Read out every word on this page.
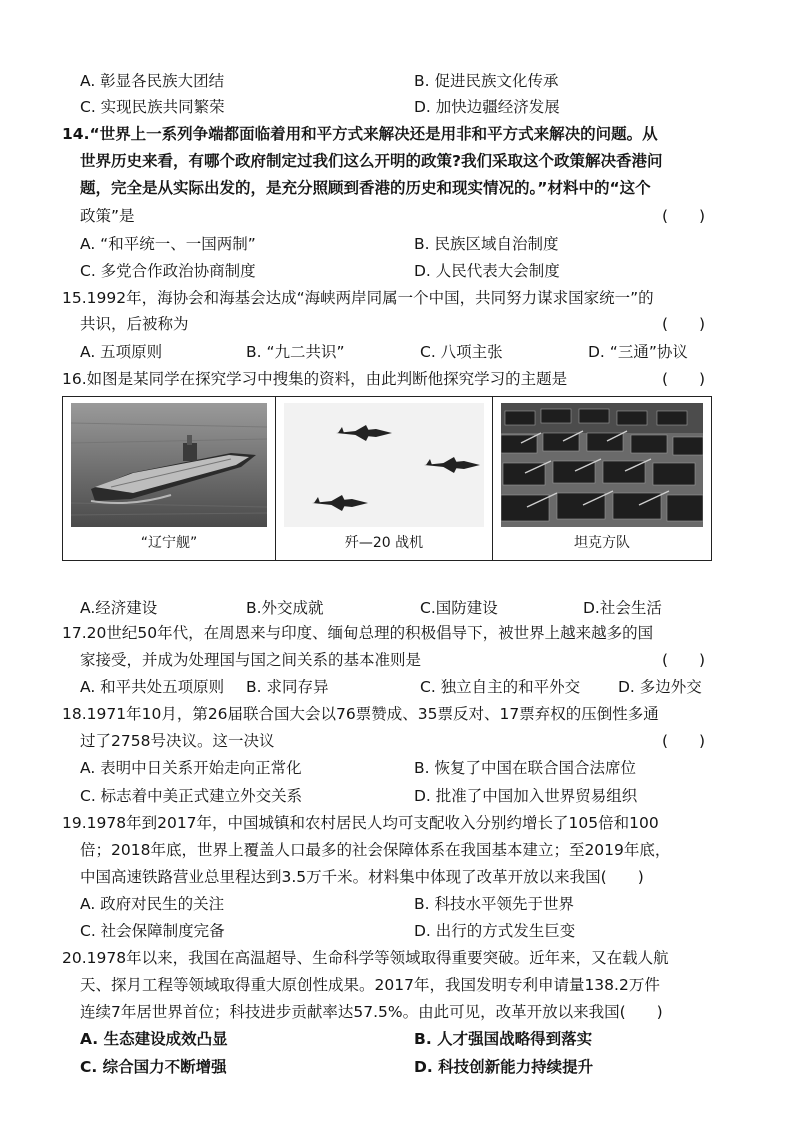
A. 彰显各民族大团结	B. 促进民族文化传承
C. 实现民族共同繁荣	D. 加快边疆经济发展
14.“世界上一系列争端都面临着用和平方式来解决还是用非和平方式来解决的问题。从
世界历史来看，有哪个政府制定过我们这么开明的政策?我们采取这个政策解决香港问
题，完全是从实际出发的，是充分照顾到香港的历史和现实情况的。”材料中的“这个
政策”是	(　　)
A. “和平统一、一国两制”	B. 民族区域自治制度
C. 多党合作政治协商制度	D. 人民代表大会制度
15.1992年，海协会和海基会达成“海峡两岸同属一个中国，共同努力谋求国家统一”的
共识，后被称为	(　　)
A. 五项原则	B. “九二共识”	C. 八项主张	D. “三通”协议
16.如图是某同学在探究学习中搜集的资料，由此判断他探究学习的主题是	(　　)
“辽宁舰”	歼—20 战机	坦克方队
A.经济建设	B.外交成就	C.国防建设	D.社会生活
17.20世纪50年代，在周恩来与印度、缅甸总理的积极倡导下，被世界上越来越多的国
家接受，并成为处理国与国之间关系的基本准则是	(　　)
A. 和平共处五项原则 B. 求同存异	C. 独立自主的和平外交 D. 多边外交
18.1971年10月，第26届联合国大会以76票赞成、35票反对、17票弃权的压倒性多通
过了2758号决议。这一决议	(　　)
A. 表明中日关系开始走向正常化	B. 恢复了中国在联合国合法席位
C. 标志着中美正式建立外交关系	D. 批准了中国加入世界贸易组织
19.1978年到2017年，中国城镇和农村居民人均可支配收入分别约增长了105倍和100
倍；2018年底，世界上覆盖人口最多的社会保障体系在我国基本建立；至2019年底，
中国高速铁路营业总里程达到3.5万千米。材料集中体现了改革开放以来我国(　　)
A. 政府对民生的关注	B. 科技水平领先于世界
C. 社会保障制度完备	D. 出行的方式发生巨变
20.1978年以来，我国在高温超导、生命科学等领域取得重要突破。近年来，又在载人航
天、探月工程等领域取得重大原创性成果。2017年，我国发明专利申请量138.2万件
连续7年居世界首位；科技进步贡献率达57.5%。由此可见，改革开放以来我国(　　)
A. 生态建设成效凸显	B. 人才强国战略得到落实
C. 综合国力不断增强	D. 科技创新能力持续提升
